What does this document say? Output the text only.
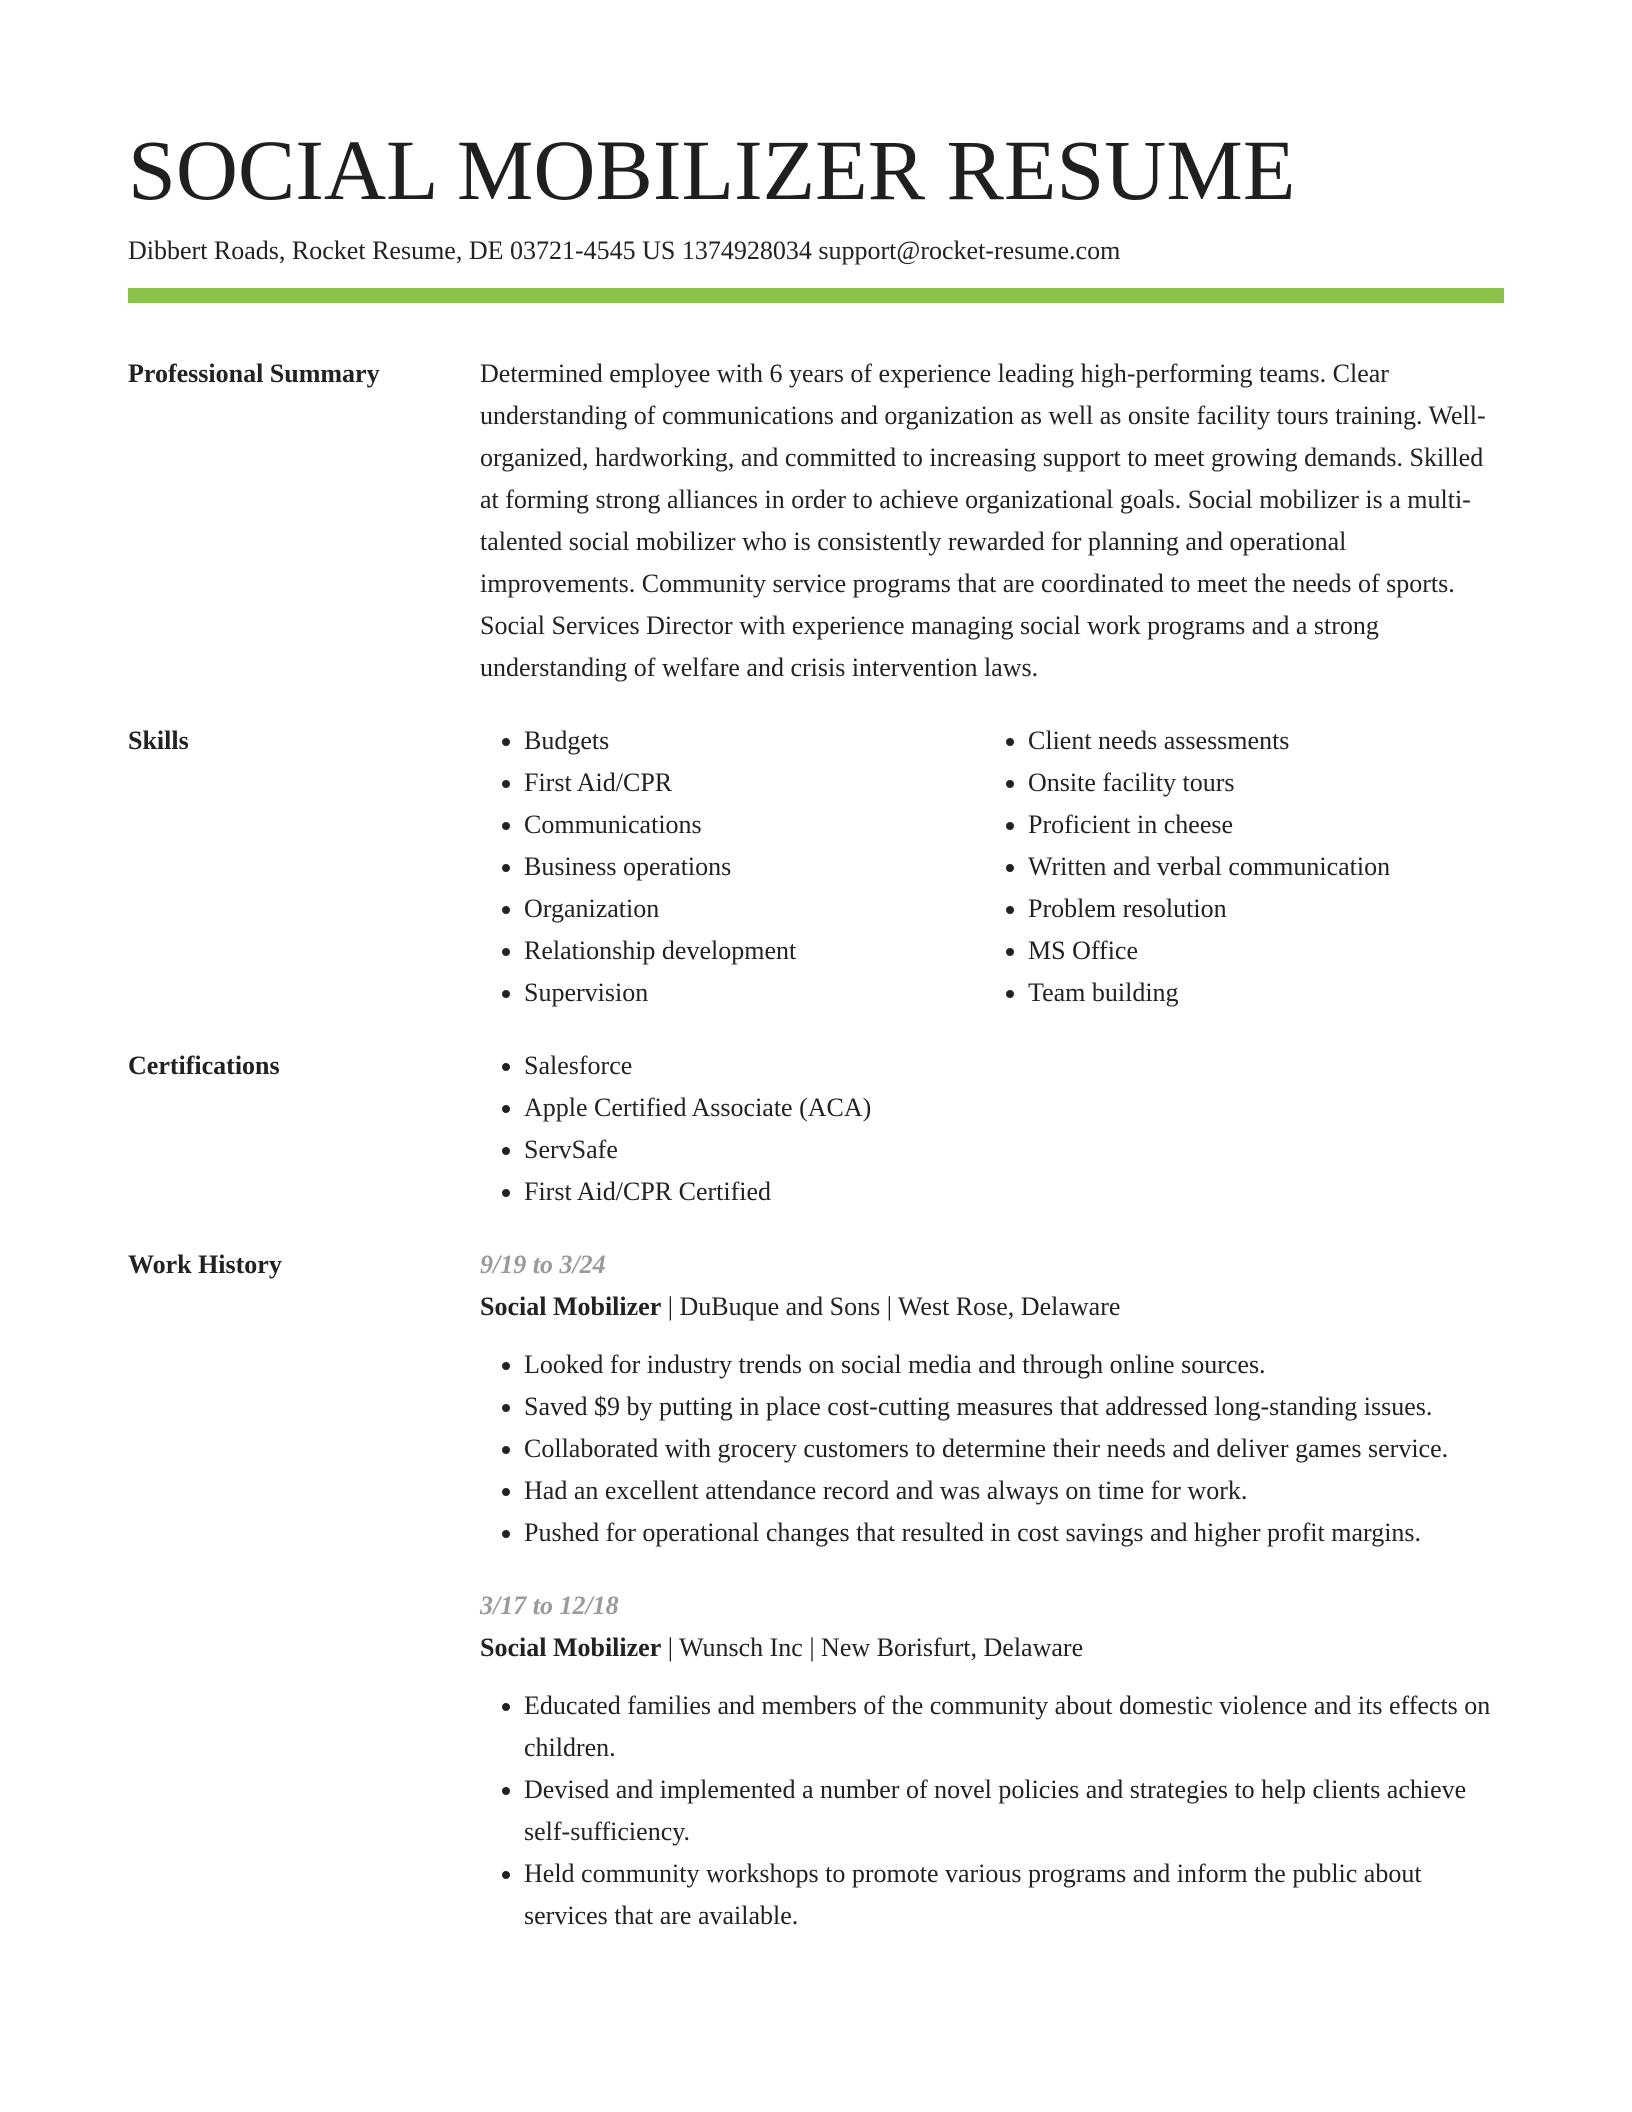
SOCIAL MOBILIZER RESUME
Dibbert Roads, Rocket Resume, DE 03721-4545 US 1374928034 support@rocket-resume.com
Professional Summary	Determined employee with 6 years of experience leading high-performing teams. Clear understanding of communications and organization as well as onsite facility tours training. Well-organized, hardworking, and committed to increasing support to meet growing demands. Skilled at forming strong alliances in order to achieve organizational goals. Social mobilizer is a multi-talented social mobilizer who is consistently rewarded for planning and operational improvements. Community service programs that are coordinated to meet the needs of sports. Social Services Director with experience managing social work programs and a strong understanding of welfare and crisis intervention laws.
Skills	• Budgets
• First Aid/CPR
• Communications
• Business operations
• Organization
• Relationship development
• Supervision
• Client needs assessments
• Onsite facility tours
• Proficient in cheese
• Written and verbal communication
• Problem resolution
• MS Office
• Team building
Certifications	• Salesforce
• Apple Certified Associate (ACA)
• ServSafe
• First Aid/CPR Certified
Work History	9/19 to 3/24
Social Mobilizer | DuBuque and Sons | West Rose, Delaware
• Looked for industry trends on social media and through online sources.
• Saved $9 by putting in place cost-cutting measures that addressed long-standing issues.
• Collaborated with grocery customers to determine their needs and deliver games service.
• Had an excellent attendance record and was always on time for work.
• Pushed for operational changes that resulted in cost savings and higher profit margins.
3/17 to 12/18
Social Mobilizer | Wunsch Inc | New Borisfurt, Delaware
• Educated families and members of the community about domestic violence and its effects on children.
• Devised and implemented a number of novel policies and strategies to help clients achieve self-sufficiency.
• Held community workshops to promote various programs and inform the public about services that are available.
